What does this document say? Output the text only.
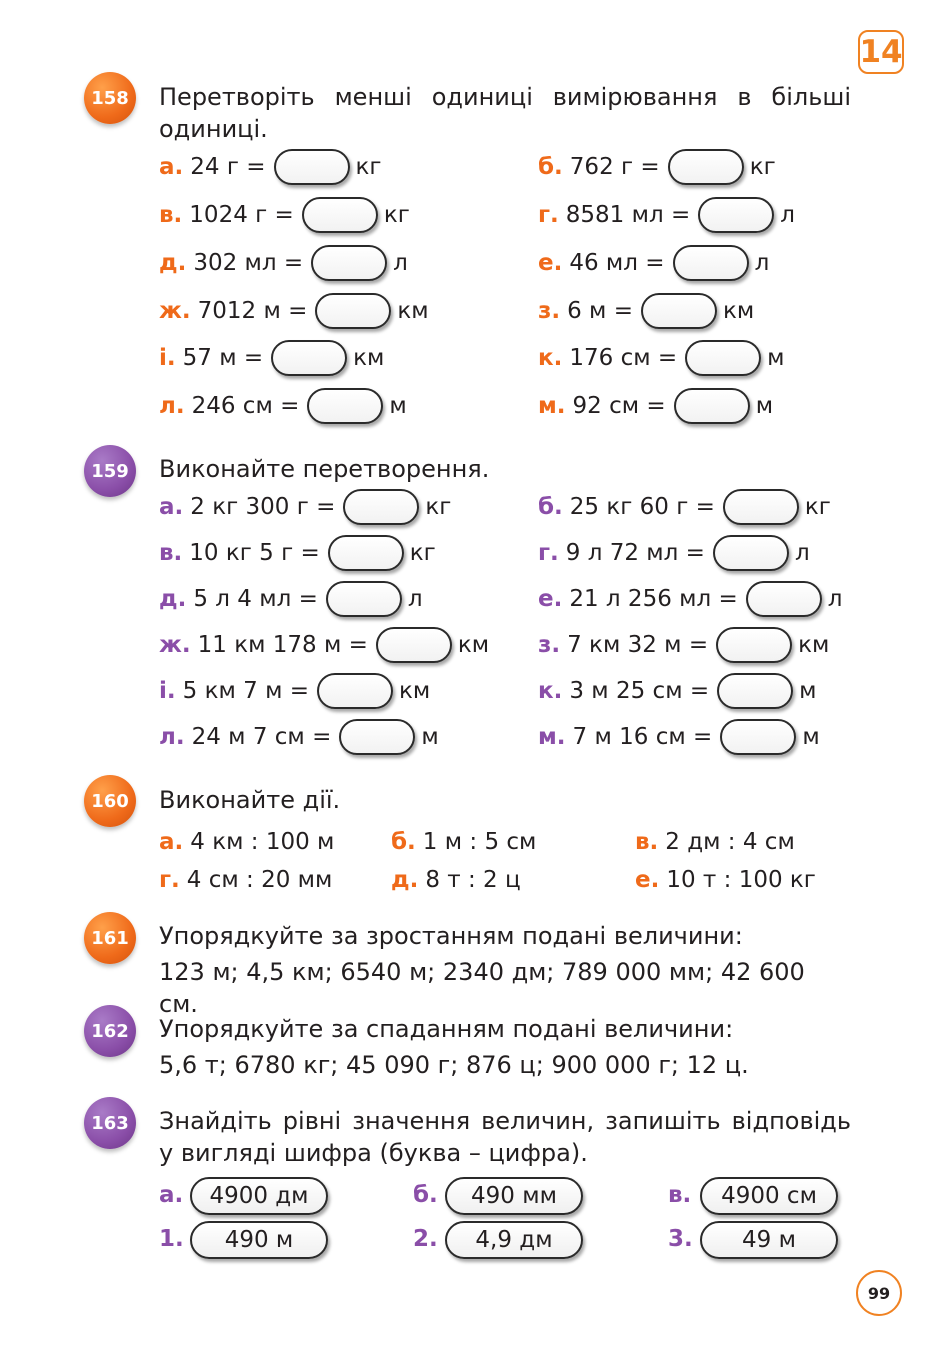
14
158	Перетворіть менші одиниці вимірювання в більші
одиниці.
а. 24 г =	кг	б. 762 г =	кг
в. 1024 г =	кг	г. 8581 мл =	л
д. 302 мл =	л	е. 46 мл =	л
ж. 7012 м =	км	з. 6 м =	км
і. 57 м =	км	к. 176 см =	м
л. 246 см =	м	м. 92 см =	м
159	Виконайте перетворення.
а. 2 кг 300 г =	кг	б. 25 кг 60 г =	кг
в. 10 кг 5 г =	кг	г. 9 л 72 мл =	л
д. 5 л 4 мл =	л	е. 21 л 256 мл =	л
ж. 11 км 178 м =	км з. 7 км 32 м =	км
і. 5 км 7 м =	км	к. 3 м 25 см =	м
л. 24 м 7 см =	м	м. 7 м 16 см =	м
160	Виконайте дії.
а. 4 км : 100 м б. 1 м : 5 см	в. 2 дм : 4 см
г. 4 см : 20 мм	д. 8 т : 2 ц	е. 10 т : 100 кг
161	Упорядкуйте за зростанням подані величини:
123 м; 4,5 км; 6540 м; 2340 дм; 789 000 мм; 42 600 см.
162	Упорядкуйте за спаданням подані величини:
5,6 т; 6780 кг; 45 090 г; 876 ц; 900 000 г; 12 ц.
163	Знайдіть рівні значення величин, запишіть відповідь
у вигляді шифра (буква – цифра).
а.	4900 дм	б.	490 мм	в.	4900 см
1.	490 м	2.	4,9 дм	3.	49 м
99
